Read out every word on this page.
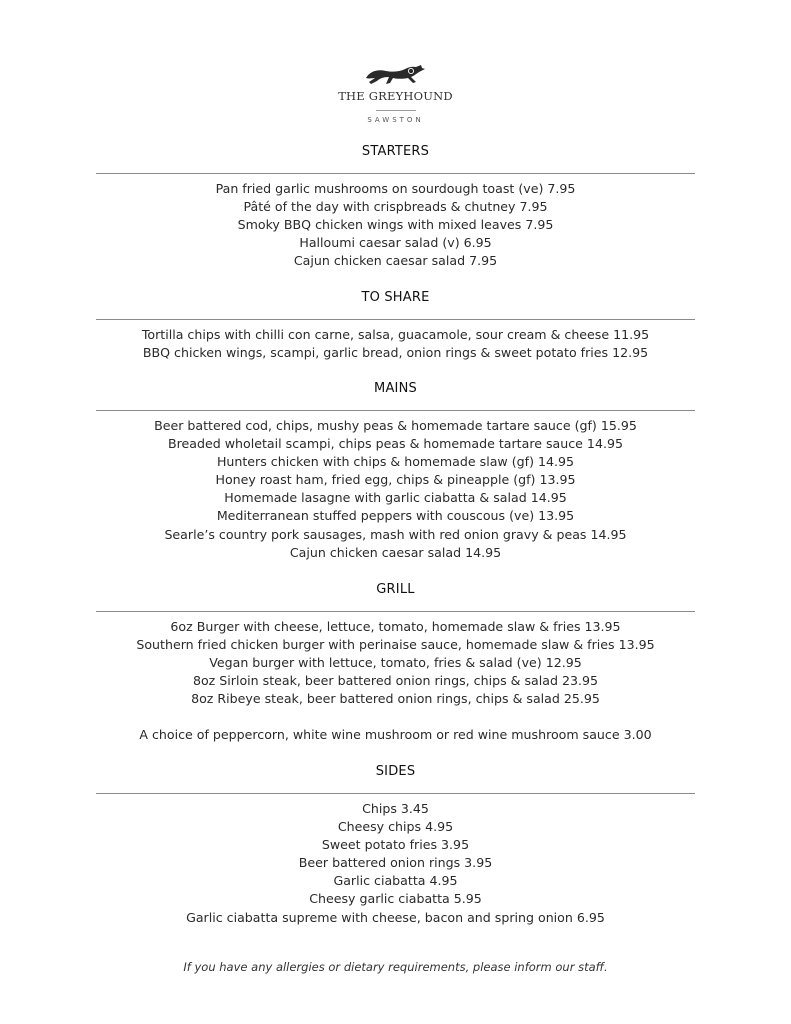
THE GREYHOUND
SAWSTON
STARTERS
Pan fried garlic mushrooms on sourdough toast (ve) 7.95
Pâté of the day with crispbreads & chutney 7.95
Smoky BBQ chicken wings with mixed leaves 7.95
Halloumi caesar salad (v) 6.95
Cajun chicken caesar salad 7.95
TO SHARE
Tortilla chips with chilli con carne, salsa, guacamole, sour cream & cheese 11.95
BBQ chicken wings, scampi, garlic bread, onion rings & sweet potato fries 12.95
MAINS
Beer battered cod, chips, mushy peas & homemade tartare sauce (gf) 15.95
Breaded wholetail scampi, chips peas & homemade tartare sauce 14.95
Hunters chicken with chips & homemade slaw (gf) 14.95
Honey roast ham, fried egg, chips & pineapple (gf) 13.95
Homemade lasagne with garlic ciabatta & salad 14.95
Mediterranean stuffed peppers with couscous (ve) 13.95
Searle’s country pork sausages, mash with red onion gravy & peas 14.95
Cajun chicken caesar salad 14.95
GRILL
6oz Burger with cheese, lettuce, tomato, homemade slaw & fries 13.95
Southern fried chicken burger with perinaise sauce, homemade slaw & fries 13.95
Vegan burger with lettuce, tomato, fries & salad (ve) 12.95
8oz Sirloin steak, beer battered onion rings, chips & salad 23.95
8oz Ribeye steak, beer battered onion rings, chips & salad 25.95
A choice of peppercorn, white wine mushroom or red wine mushroom sauce 3.00
SIDES
Chips 3.45
Cheesy chips 4.95
Sweet potato fries 3.95
Beer battered onion rings 3.95
Garlic ciabatta 4.95
Cheesy garlic ciabatta 5.95
Garlic ciabatta supreme with cheese, bacon and spring onion 6.95
If you have any allergies or dietary requirements, please inform our staff.
